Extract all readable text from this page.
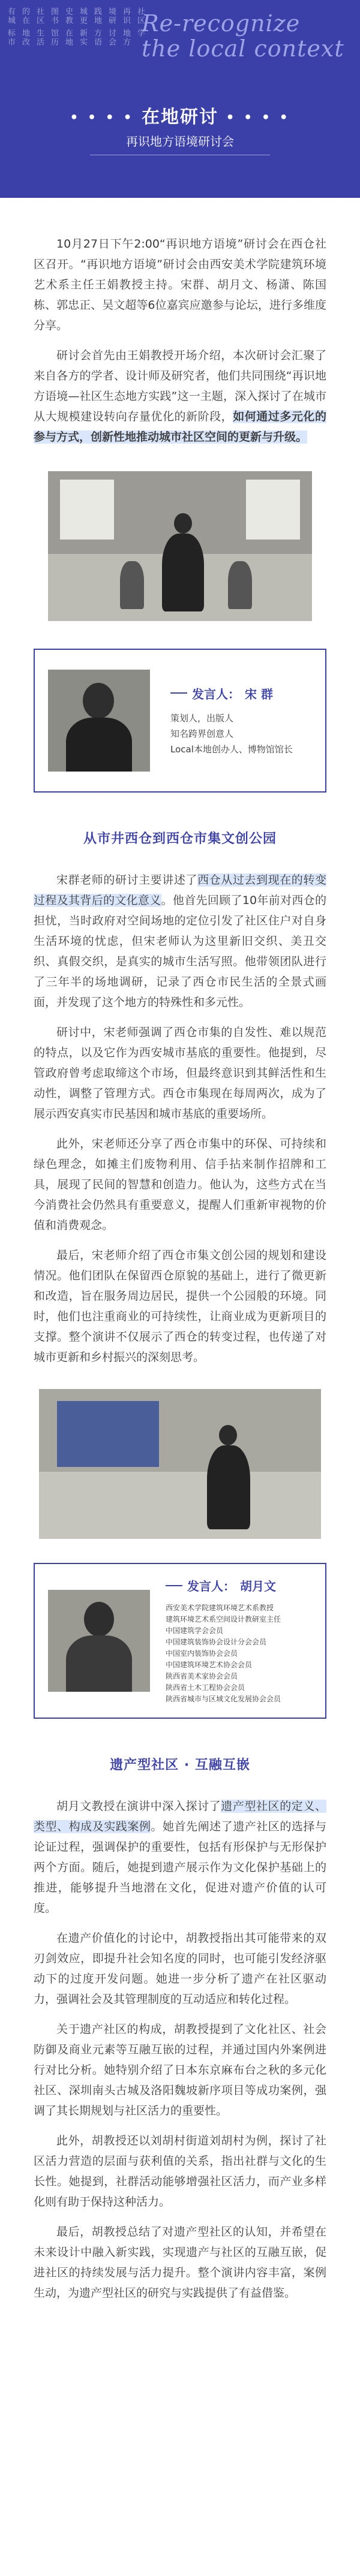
有城 标市 的在 地改 社区 生活 图书 馆历 史教 在地 城更 新实 践地 方语 境研 讨会 再识 地方 社区 学
Re-recognize
the local context
• • • • 在地研讨 • • • •
再识地方语境研讨会

10月27日下午2:00“再识地方语境”研讨会在西仓社区召开。“再识地方语境”研讨会由西安美术学院建筑环境艺术系主任王娟教授主持。宋群、胡月文、杨潇、陈国栋、郭忠正、吴文超等6位嘉宾应邀参与论坛，进行多维度分享。

研讨会首先由王娟教授开场介绍，本次研讨会汇聚了来自各方的学者、设计师及研究者，他们共同围绕“再识地方语境—社区生态地方实践”这一主题，深入探讨了在城市从大规模建设转向存量优化的新阶段，如何通过多元化的参与方式，创新性地推动城市社区空间的更新与升级。

发言人： 宋 群
策划人，出版人
知名跨界创意人
Local本地创办人、博物馆馆长
从市井西仓到西仓市集文创公园

宋群老师的研讨主要讲述了西仓从过去到现在的转变过程及其背后的文化意义。他首先回顾了10年前对西仓的担忧，当时政府对空间场地的定位引发了社区住户对自身生活环境的忧虑，但宋老师认为这里新旧交织、美丑交织、真假交织，是真实的城市生活写照。他带领团队进行了三年半的场地调研，记录了西仓市民生活的全景式画面，并发现了这个地方的特殊性和多元性。

研讨中，宋老师强调了西仓市集的自发性、难以规范的特点，以及它作为西安城市基底的重要性。他提到，尽管政府曾考虑取缔这个市场，但最终意识到其鲜活性和生动性，调整了管理方式。西仓市集现在每周两次，成为了展示西安真实市民基因和城市基底的重要场所。

此外，宋老师还分享了西仓市集中的环保、可持续和绿色理念，如摊主们废物利用、信手拈来制作招牌和工具，展现了民间的智慧和创造力。他认为，这些方式在当今消费社会仍然具有重要意义，提醒人们重新审视物的价值和消费观念。

最后，宋老师介绍了西仓市集文创公园的规划和建设情况。他们团队在保留西仓原貌的基础上，进行了微更新和改造，旨在服务周边居民，提供一个公园般的环境。同时，他们也注重商业的可持续性，让商业成为更新项目的支撑。整个演讲不仅展示了西仓的转变过程，也传递了对城市更新和乡村振兴的深刻思考。

发言人： 胡月文
西安美术学院建筑环境艺术系教授
建筑环境艺术系空间设计教研室主任
中国建筑学会会员
中国建筑装饰协会设计分会会员
中国室内装饰协会会员
中国建筑环境艺术协会会员
陕西省美术家协会会员
陕西省土木工程协会会员
陕西省城市与区域文化发展协会会员
遗产型社区 · 互融互嵌

胡月文教授在演讲中深入探讨了遗产型社区的定义、类型、构成及实践案例。她首先阐述了遗产社区的选择与论证过程，强调保护的重要性，包括有形保护与无形保护两个方面。随后，她提到遗产展示作为文化保护基础上的推进，能够提升当地潜在文化，促进对遗产价值的认可度。

在遗产价值化的讨论中，胡教授指出其可能带来的双刃剑效应，即提升社会知名度的同时，也可能引发经济驱动下的过度开发问题。她进一步分析了遗产在社区驱动力，强调社会及其管理制度的互动适应和转化过程。

关于遗产社区的构成，胡教授提到了文化社区、社会防御及商业元素等互融互嵌的过程，并通过国内外案例进行对比分析。她特别介绍了日本东京麻布台之秋的多元化社区、深圳南头古城及洛阳魏坡新序项目等成功案例，强调了其长期规划与社区活力的重要性。

此外，胡教授还以刘胡村街道刘胡村为例，探讨了社区活力营造的层面与获利值的关系，指出社群与文化的生长性。她提到，社群活动能够增强社区活力，而产业多样化则有助于保持这种活力。

最后，胡教授总结了对遗产型社区的认知，并希望在未来设计中融入新实践，实现遗产与社区的互融互嵌，促进社区的持续发展与活力提升。整个演讲内容丰富，案例生动，为遗产型社区的研究与实践提供了有益借鉴。
